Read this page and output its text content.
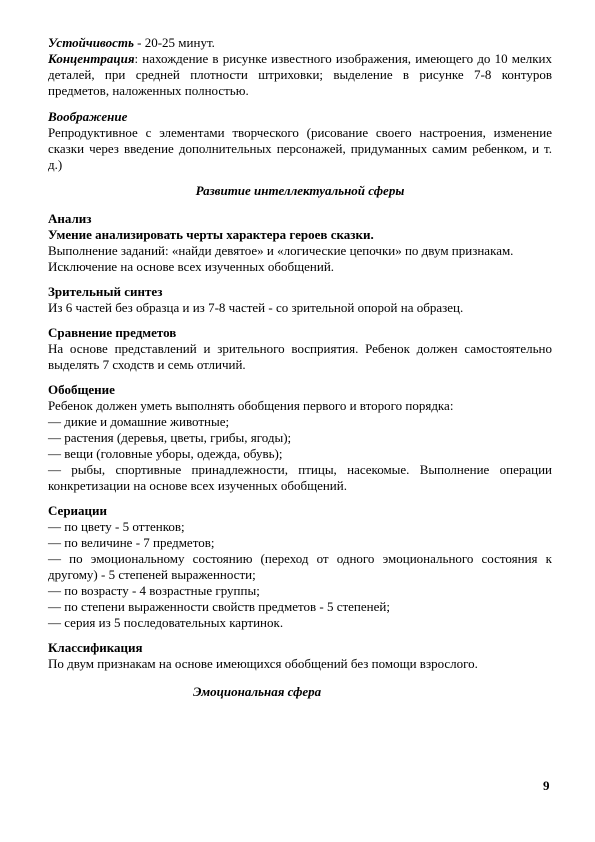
Устойчивость - 20-25 минут.

Концентрация: нахождение в рисунке известного изображения, имеющего до 10 мелких деталей, при средней плотности штриховки; выделение в рисунке 7-8 контуров предметов, наложенных полностью.

Воображение

Репродуктивное с элементами творческого (рисование своего настроения, изменение сказки через введение дополнительных персонажей, придуманных самим ребенком, и т. д.)

Развитие интеллектуальной сферы

Анализ

Умение анализировать черты характера героев сказки.

Выполнение заданий: «найди девятое» и «логические цепочки» по двум признакам.

Исключение на основе всех изученных обобщений.

Зрительный синтез

Из 6 частей без образца и из 7-8 частей - со зрительной опорой на образец.

Сравнение предметов

На основе представлений и зрительного восприятия. Ребенок должен самостоятельно выделять 7 сходств и семь отличий.

Обобщение

Ребенок должен уметь выполнять обобщения первого и второго порядка:

— дикие и домашние животные;

— растения (деревья, цветы, грибы, ягоды);

— вещи (головные уборы, одежда, обувь);

— рыбы, спортивные принадлежности, птицы, насекомые. Выполнение операции конкретизации на основе всех изученных обобщений.

Сериации

— по цвету - 5 оттенков;

— по величине - 7 предметов;

— по эмоциональному состоянию (переход от одного эмоционального состояния к другому) - 5 степеней выраженности;

— по возрасту - 4 возрастные группы;

— по степени выраженности свойств предметов - 5 степеней;

— серия из 5 последовательных картинок.

Классификация

По двум признакам на основе имеющихся обобщений без помощи взрослого.

Эмоциональная сфера

9
